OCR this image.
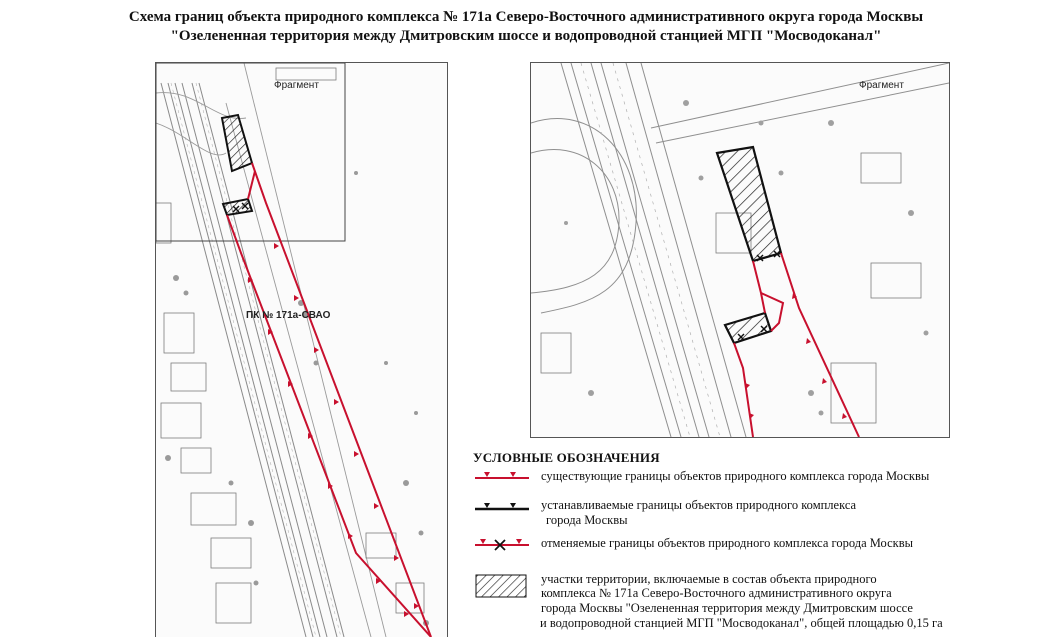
Схема границ объекта природного комплекса № 171а Северо-Восточного административного округа города Москвы
"Озелененная территория между Дмитровским шоссе и водопроводной станцией МГП "Мосводоканал"
Фрагмент
ПК № 171а-СВАО
Фрагмент
УСЛОВНЫЕ ОБОЗНАЧЕНИЯ
существующие границы объектов природного комплекса города Москвы
устанавливаемые границы объектов природного комплекса
города Москвы
отменяемые границы объектов природного комплекса города Москвы
участки территории, включаемые в состав объекта природного
комплекса № 171а Северо-Восточного административного округа
города Москвы "Озелененная территория между Дмитровским шоссе
и водопроводной станцией МГП "Мосводоканал", общей площадью 0,15 га
